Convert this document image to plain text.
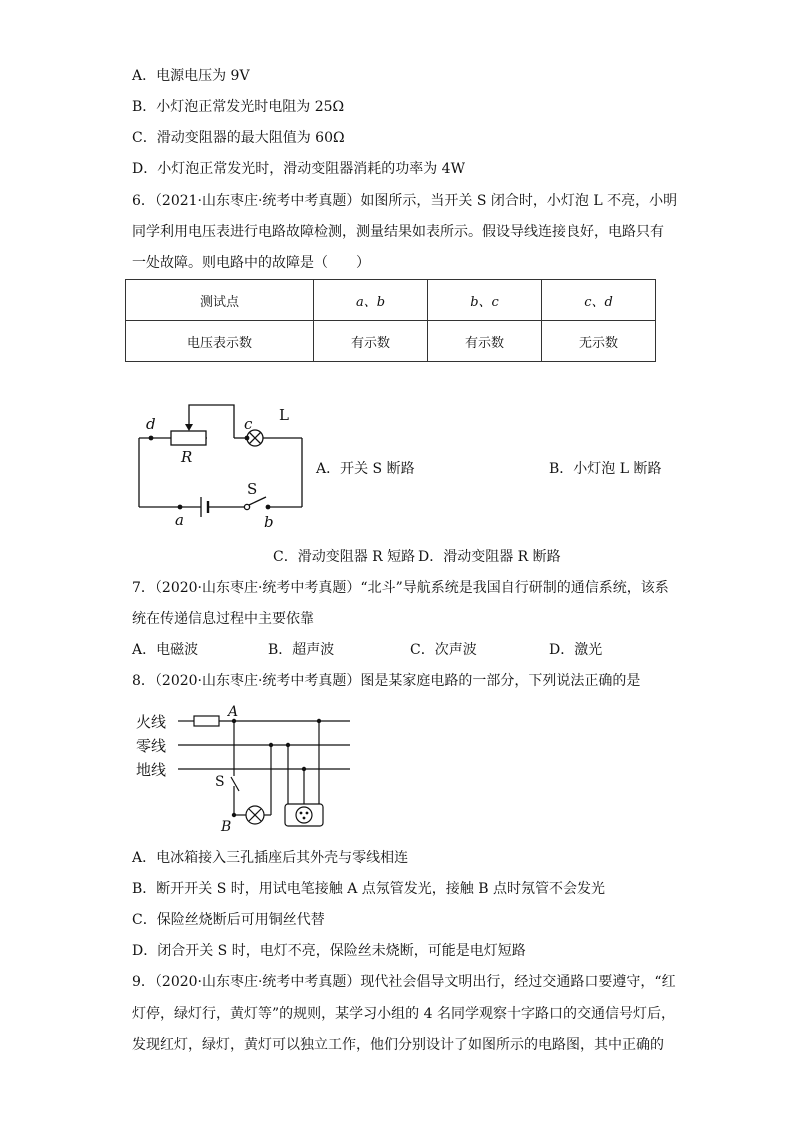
A．电源电压为 9V
B．小灯泡正常发光时电阻为 25Ω
C．滑动变阻器的最大阻值为 60Ω
D．小灯泡正常发光时，滑动变阻器消耗的功率为 4W
6．（2021·山东枣庄·统考中考真题）如图所示，当开关 S 闭合时，小灯泡 L 不亮，小明
同学利用电压表进行电路故障检测，测量结果如表所示。假设导线连接良好，电路只有
一处故障。则电路中的故障是（　　）
测试点	a、b	b、c	c、d
电压表示数	有示数	有示数	无示数
d	c L
R
S
a	b
A．开关 S 断路	B．小灯泡 L 断路
C．滑动变阻器 R 短路 D．滑动变阻器 R 断路
7．（2020·山东枣庄·统考中考真题）“北斗”导航系统是我国自行研制的通信系统，该系
统在传递信息过程中主要依靠
A．电磁波	B．超声波	C．次声波	D．激光
8．（2020·山东枣庄·统考中考真题）图是某家庭电路的一部分，下列说法正确的是
火线
零线
地线
A
S
B
A．电冰箱接入三孔插座后其外壳与零线相连
B．断开开关 S 时，用试电笔接触 A 点氖管发光，接触 B 点时氖管不会发光
C．保险丝烧断后可用铜丝代替
D．闭合开关 S 时，电灯不亮，保险丝未烧断，可能是电灯短路
9．（2020·山东枣庄·统考中考真题）现代社会倡导文明出行，经过交通路口要遵守，“红
灯停，绿灯行，黄灯等”的规则，某学习小组的 4 名同学观察十字路口的交通信号灯后，
发现红灯，绿灯，黄灯可以独立工作，他们分别设计了如图所示的电路图，其中正确的
